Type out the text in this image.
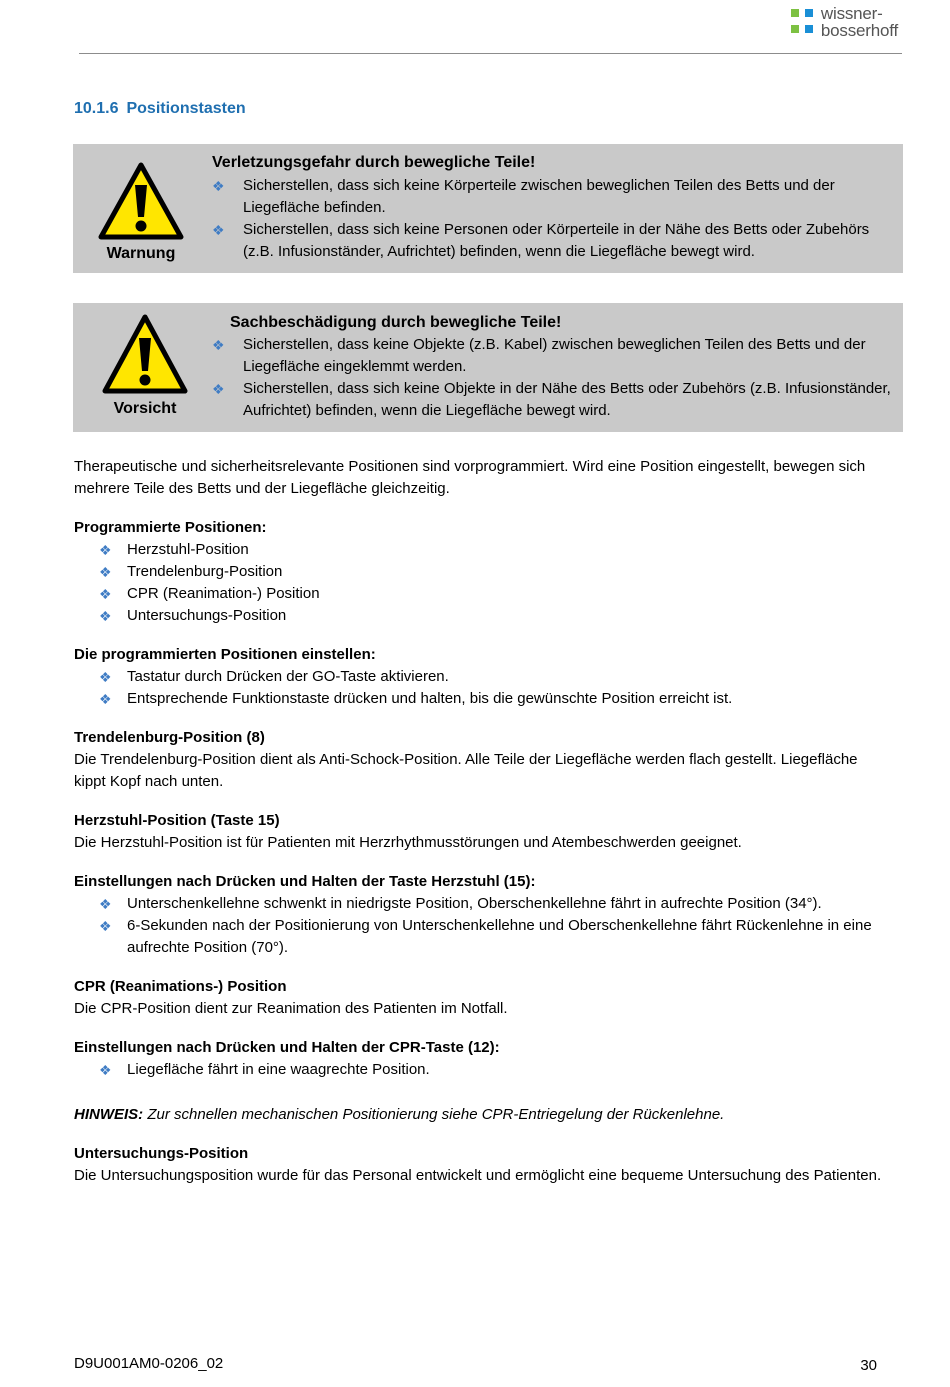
wissner-
bosserhoff
10.1.6 Positionstasten
Warnung
Verletzungsgefahr durch bewegliche Teile!
❖ Sicherstellen, dass sich keine Körperteile zwischen beweglichen Teilen des Betts und der Liegefläche befinden.
❖ Sicherstellen, dass sich keine Personen oder Körperteile in der Nähe des Betts oder Zubehörs (z.B. Infusionständer, Aufrichtet) befinden, wenn die Liegefläche bewegt wird.
Vorsicht
Sachbeschädigung durch bewegliche Teile!
❖ Sicherstellen, dass keine Objekte (z.B. Kabel) zwischen beweglichen Teilen des Betts und der Liegefläche eingeklemmt werden.
❖ Sicherstellen, dass sich keine Objekte in der Nähe des Betts oder Zubehörs (z.B. Infusionständer, Aufrichtet) befinden, wenn die Liegefläche bewegt wird.

Therapeutische und sicherheitsrelevante Positionen sind vorprogrammiert. Wird eine Position eingestellt, bewegen sich mehrere Teile des Betts und der Liegefläche gleichzeitig.

Programmierte Positionen:
❖ Herzstuhl-Position
❖ Trendelenburg-Position
❖ CPR (Reanimation-) Position
❖ Untersuchungs-Position
Die programmierten Positionen einstellen:
❖ Tastatur durch Drücken der GO-Taste aktivieren.
❖ Entsprechende Funktionstaste drücken und halten, bis die gewünschte Position erreicht ist.
Trendelenburg-Position (8)

Die Trendelenburg-Position dient als Anti-Schock-Position. Alle Teile der Liegefläche werden flach gestellt. Liegefläche kippt Kopf nach unten.

Herzstuhl-Position (Taste 15)

Die Herzstuhl-Position ist für Patienten mit Herzrhythmusstörungen und Atembeschwerden geeignet.

Einstellungen nach Drücken und Halten der Taste Herzstuhl (15):
❖ Unterschenkellehne schwenkt in niedrigste Position, Oberschenkellehne fährt in aufrechte Position (34°).
❖ 6-Sekunden nach der Positionierung von Unterschenkellehne und Oberschenkellehne fährt Rückenlehne in eine aufrechte Position (70°).
CPR (Reanimations-) Position

Die CPR-Position dient zur Reanimation des Patienten im Notfall.

Einstellungen nach Drücken und Halten der CPR-Taste (12):
❖ Liegefläche fährt in eine waagrechte Position.

HINWEIS: Zur schnellen mechanischen Positionierung siehe CPR-Entriegelung der Rückenlehne.

Untersuchungs-Position

Die Untersuchungsposition wurde für das Personal entwickelt und ermöglicht eine bequeme Untersuchung des Patienten.

D9U001AM0-0206_02	30
